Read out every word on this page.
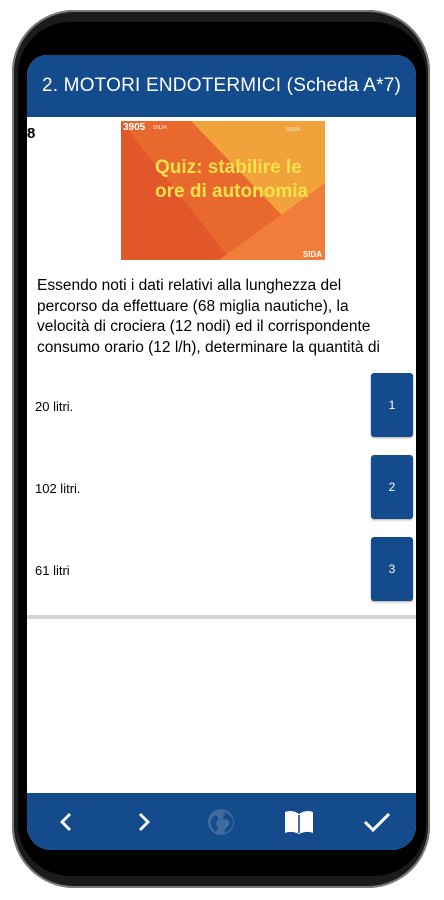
2. MOTORI ENDOTERMICI (Scheda A*7)
8	3905 SIDA	SIDA
Quiz: stabilire le ore di autonomia
SIDA
Essendo noti i dati relativi alla lunghezza del percorso da effettuare (68 miglia nautiche), la velocità di crociera (12 nodi) ed il corrispondente consumo orario (12 l/h), determinare la quantità di
20 litri.	1
102 litri.	2
61 litri	3
